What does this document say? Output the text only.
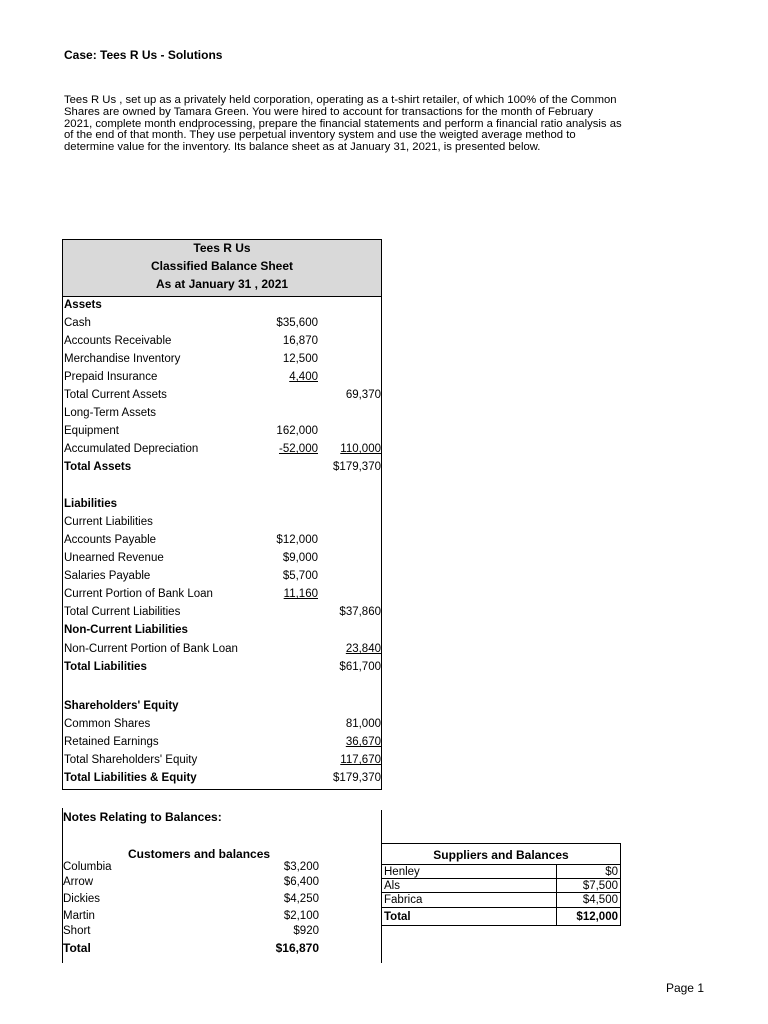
Case: Tees R Us - Solutions
Tees R Us , set up as a privately held corporation, operating as a t-shirt retailer, of which 100% of the Common Shares are owned by Tamara Green. You were hired to account for transactions for the month of February 2021, complete month endprocessing, prepare the financial statements and perform a financial ratio analysis as of the end of that month. They use perpetual inventory system and use the weigted average method to determine value for the inventory. Its balance sheet as at January 31, 2021, is presented below.
Tees R Us
Classified Balance Sheet
As at January 31 , 2021
Assets
Cash	$35,600
Accounts Receivable	16,870
Merchandise Inventory	12,500
Prepaid Insurance	4,400
Total Current Assets	69,370
Long-Term Assets
Equipment	162,000
Accumulated Depreciation	-52,000 110,000
Total Assets	$179,370
Liabilities
Current Liabilities
Accounts Payable	$12,000
Unearned Revenue	$9,000
Salaries Payable	$5,700
Current Portion of Bank Loan	11,160
Total Current Liabilities	$37,860
Non-Current Liabilities
Non-Current Portion of Bank Loan	23,840
Total Liabilities	$61,700
Shareholders' Equity
Common Shares	81,000
Retained Earnings	36,670
Total Shareholders' Equity	117,670
Total Liabilities & Equity	$179,370
Notes Relating to Balances:
Customers and balances
Columbia	$3,200
Arrow	$6,400
Dickies	$4,250
Martin	$2,100
Short	$920
Total	$16,870
Suppliers and Balances
Henley	$0
Als	$7,500
Fabrica	$4,500
Total	$12,000
Page 1
